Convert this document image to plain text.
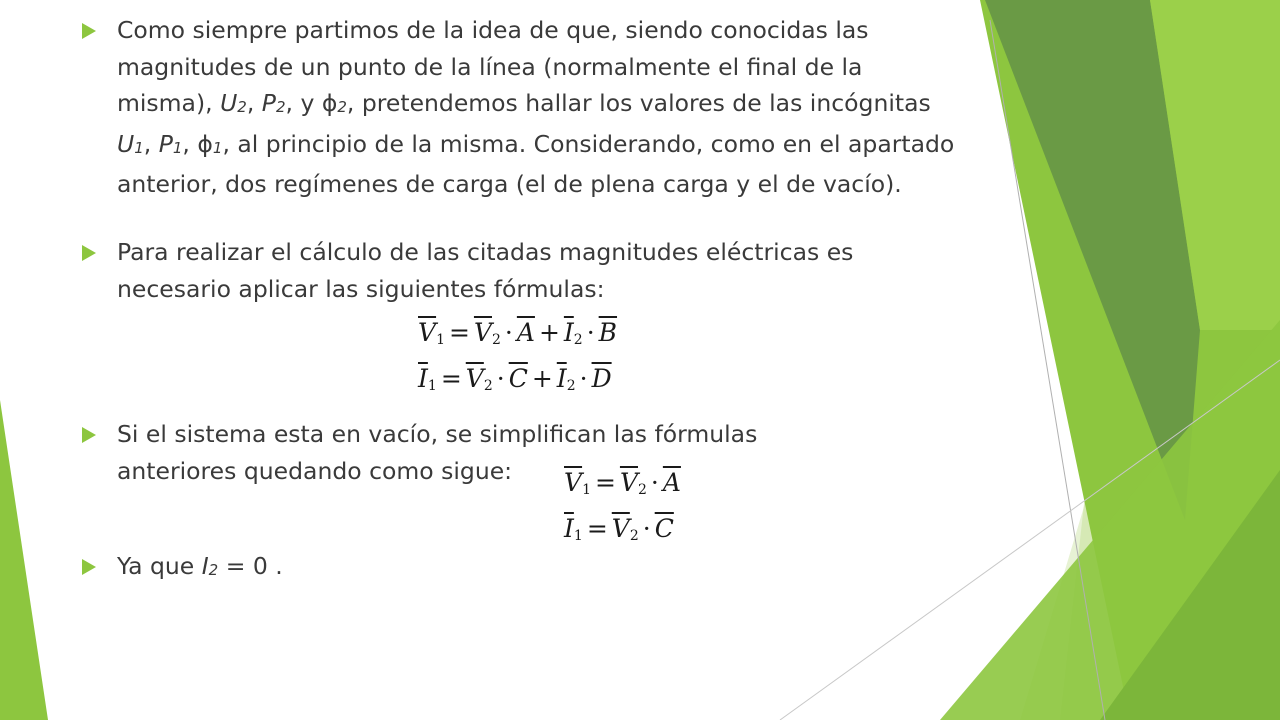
Como siempre partimos de la idea de que, siendo conocidas las magnitudes de un punto de la línea (normalmente el final de la misma), U2, P2, y ɸ2, pretendemos hallar los valores de las incógnitas U1, P1, ɸ1, al principio de la misma. Considerando, como en el apartado anterior, dos regímenes de carga (el de plena carga y el de vacío).
Para realizar el cálculo de las citadas magnitudes eléctricas es necesario aplicar las siguientes fórmulas:
$\overline{V}1 = \overline{V}2 \cdot \overline{A} + \overline{I}2 \cdot \overline{B}$
$\overline{I}1 = \overline{V}2 \cdot \overline{C} + \overline{I}2 \cdot \overline{D}$
Si el sistema esta en vacío, se simplifican las fórmulas anteriores quedando como sigue:	$\overline{V}1 = \overline{V}2 \cdot \overline{A}$
$\overline{I}1 = \overline{V}2 \cdot \overline{C}$
Ya que I2 = 0 .
